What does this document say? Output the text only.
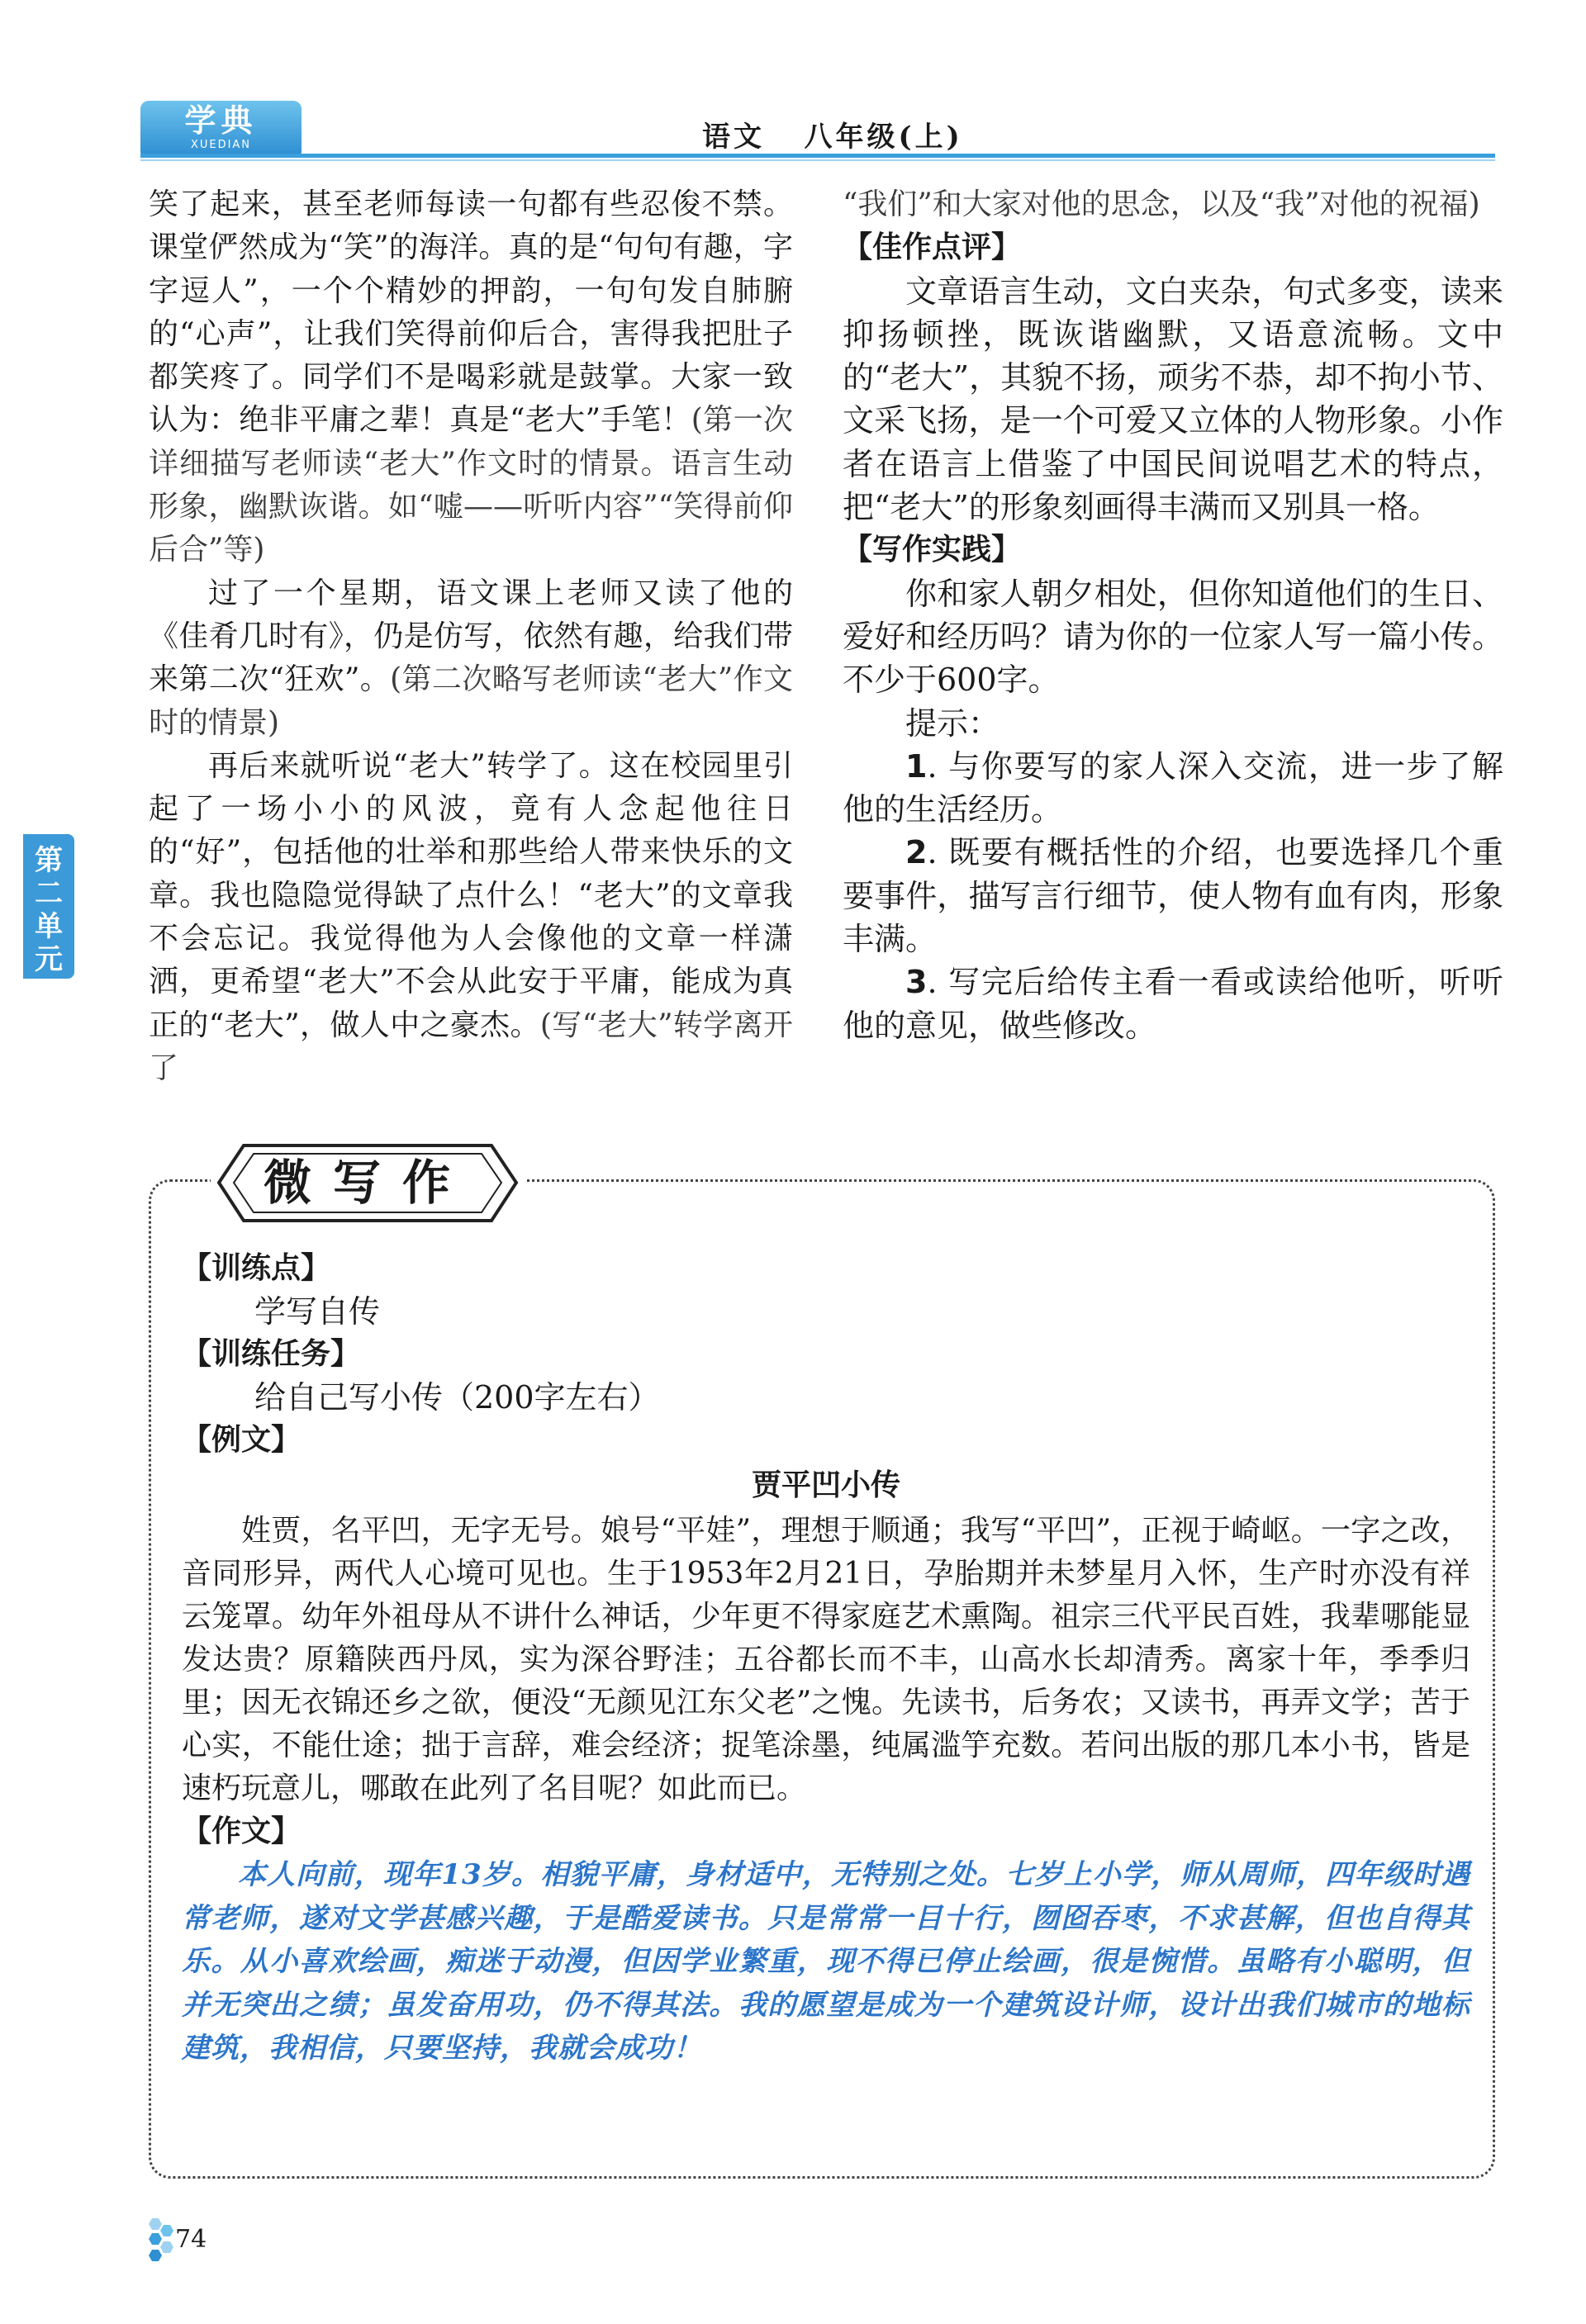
学典
XUEDIAN	语文   八年级(上)
第
二
单
元

笑了起来，甚至老师每读一句都有些忍俊不禁。课堂俨然成为“笑”的海洋。真的是“句句有趣，字字逗人”，一个个精妙的押韵，一句句发自肺腑的“心声”，让我们笑得前仰后合，害得我把肚子都笑疼了。同学们不是喝彩就是鼓掌。大家一致认为：绝非平庸之辈！真是“老大”手笔！(第一次详细描写老师读“老大”作文时的情景。语言生动形象，幽默诙谐。如“嘘——听听内容”“笑得前仰后合”等)

过了一个星期，语文课上老师又读了他的《佳肴几时有》，仍是仿写，依然有趣，给我们带来第二次“狂欢”。(第二次略写老师读“老大”作文时的情景)

再后来就听说“老大”转学了。这在校园里引起了一场小小的风波，竟有人念起他往日的“好”，包括他的壮举和那些给人带来快乐的文章。我也隐隐觉得缺了点什么！“老大”的文章我不会忘记。我觉得他为人会像他的文章一样潇洒，更希望“老大”不会从此安于平庸，能成为真正的“老大”，做人中之豪杰。(写“老大”转学离开了

“我们”和大家对他的思念，以及“我”对他的祝福)

【佳作点评】

文章语言生动，文白夹杂，句式多变，读来抑扬顿挫，既诙谐幽默，又语意流畅。文中的“老大”，其貌不扬，顽劣不恭，却不拘小节、文采飞扬，是一个可爱又立体的人物形象。小作者在语言上借鉴了中国民间说唱艺术的特点，把“老大”的形象刻画得丰满而又别具一格。

【写作实践】

你和家人朝夕相处，但你知道他们的生日、爱好和经历吗？请为你的一位家人写一篇小传。不少于600字。

提示：

1. 与你要写的家人深入交流，进一步了解他的生活经历。

2. 既要有概括性的介绍，也要选择几个重要事件，描写言行细节，使人物有血有肉，形象丰满。

3. 写完后给传主看一看或读给他听，听听他的意见，做些修改。

微写作

【训练点】

学写自传

【训练任务】

给自己写小传（200字左右）

【例文】

贾平凹小传

姓贾，名平凹，无字无号。娘号“平娃”，理想于顺通；我写“平凹”，正视于崎岖。一字之改，音同形异，两代人心境可见也。生于1953年2月21日，孕胎期并未梦星月入怀，生产时亦没有祥云笼罩。幼年外祖母从不讲什么神话，少年更不得家庭艺术熏陶。祖宗三代平民百姓，我辈哪能显发达贵？原籍陕西丹凤，实为深谷野洼；五谷都长而不丰，山高水长却清秀。离家十年，季季归里；因无衣锦还乡之欲，便没“无颜见江东父老”之愧。先读书，后务农；又读书，再弄文学；苦于心实，不能仕途；拙于言辞，难会经济；捉笔涂墨，纯属滥竽充数。若问出版的那几本小书，皆是速朽玩意儿，哪敢在此列了名目呢？如此而已。

【作文】

本人向前，现年13岁。相貌平庸，身材适中，无特别之处。七岁上小学，师从周师，四年级时遇常老师，遂对文学甚感兴趣，于是酷爱读书。只是常常一目十行，囫囵吞枣，不求甚解，但也自得其乐。从小喜欢绘画，痴迷于动漫，但因学业繁重，现不得已停止绘画，很是惋惜。虽略有小聪明，但并无突出之绩；虽发奋用功，仍不得其法。我的愿望是成为一个建筑设计师，设计出我们城市的地标建筑，我相信，只要坚持，我就会成功！

74
